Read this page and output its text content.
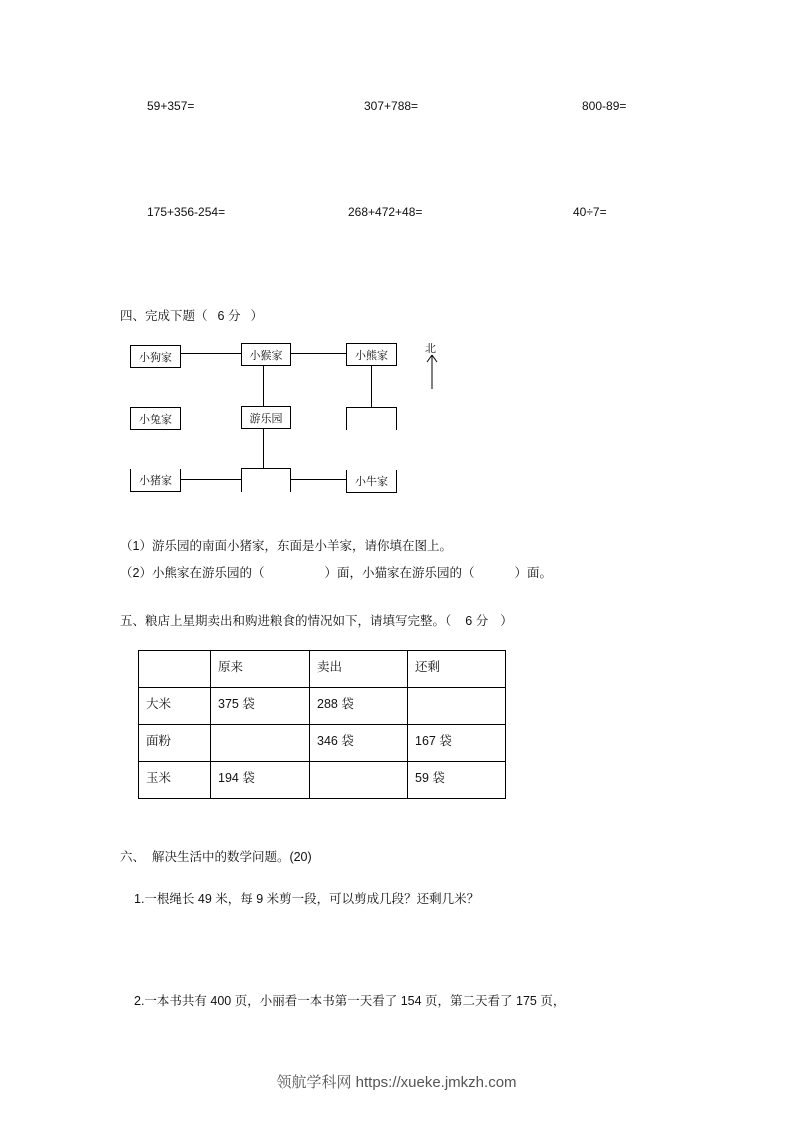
59+357=	307+788=	800-89=
175+356-254=	268+472+48=	40÷7=
四、完成下题（ 6 分 ）
小狗家	小猴家	小熊家
北
小兔家	游乐园
小猪家	小牛家
（1）游乐园的南面小猪家，东面是小羊家，请你填在图上。
（2）小熊家在游乐园的（	）面，小猫家在游乐园的（	）面。
五、粮店上星期卖出和购进粮食的情况如下，请填写完整。（ 6 分 ）
	原来	卖出	还剩
大米	375 袋	288 袋	
面粉		346 袋	167 袋
玉米	194 袋		59 袋
六、  解决生活中的数学问题。(20)
1.一根绳长 49 米，每 9 米剪一段，可以剪成几段？还剩几米？
2.一本书共有 400 页，小丽看一本书第一天看了 154 页，第二天看了 175 页，
领航学科网 https://xueke.jmkzh.com
